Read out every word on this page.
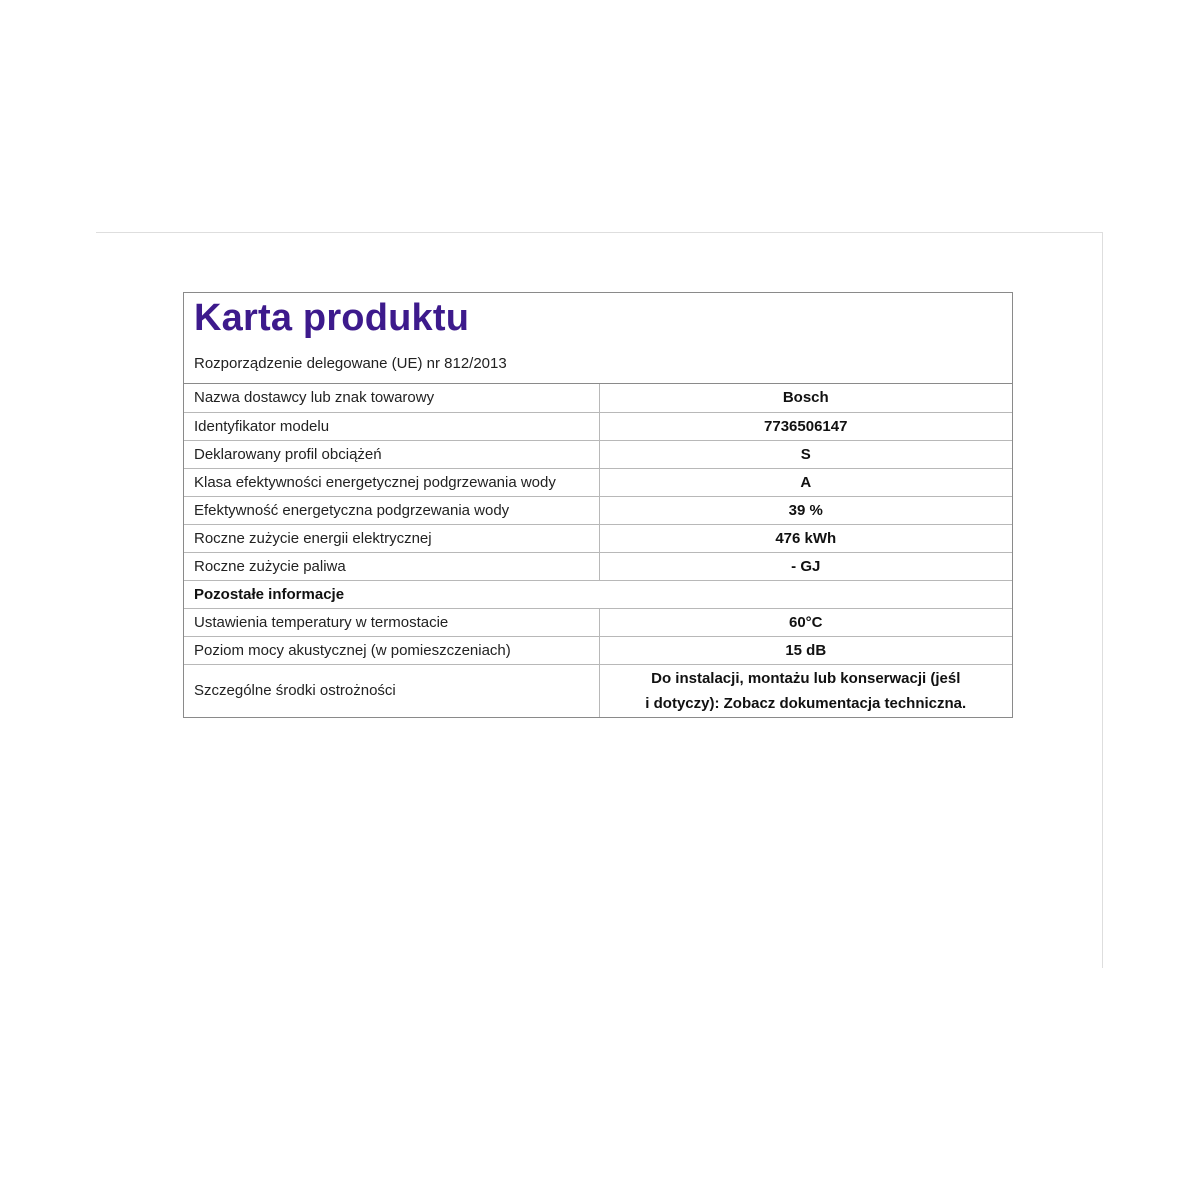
Karta produktu
Rozporządzenie delegowane (UE) nr 812/2013
Nazwa dostawcy lub znak towarowy	Bosch
Identyfikator modelu	7736506147
Deklarowany profil obciążeń	S
Klasa efektywności energetycznej podgrzewania wody	A
Efektywność energetyczna podgrzewania wody	39 %
Roczne zużycie energii elektrycznej	476 kWh
Roczne zużycie paliwa	- GJ
Pozostałe informacje	
Ustawienia temperatury w termostacie	60°C
Poziom mocy akustycznej (w pomieszczeniach)	15 dB
Szczególne środki ostrożności	Do instalacji, montażu lub konserwacji (jeśl
i dotyczy): Zobacz dokumentacja techniczna.
